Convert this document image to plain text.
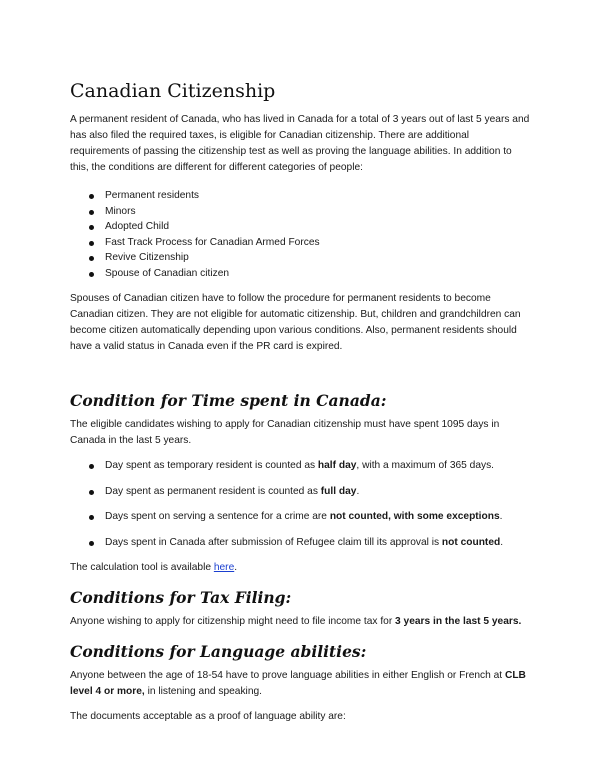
Canadian Citizenship

A permanent resident of Canada, who has lived in Canada for a total of 3 years out of last 5 years and has also filed the required taxes, is eligible for Canadian citizenship. There are additional requirements of passing the citizenship test as well as proving the language abilities. In addition to this, the conditions are different for different categories of people:

Permanent residents
Minors
Adopted Child
Fast Track Process for Canadian Armed Forces
Revive Citizenship
Spouse of Canadian citizen

Spouses of Canadian citizen have to follow the procedure for permanent residents to become Canadian citizen. They are not eligible for automatic citizenship. But, children and grandchildren can become citizen automatically depending upon various conditions. Also, permanent residents should have a valid status in Canada even if the PR card is expired.

Condition for Time spent in Canada:

The eligible candidates wishing to apply for Canadian citizenship must have spent 1095 days in Canada in the last 5 years.

Day spent as temporary resident is counted as half day, with a maximum of 365 days.
Day spent as permanent resident is counted as full day.
Days spent on serving a sentence for a crime are not counted, with some exceptions.
Days spent in Canada after submission of Refugee claim till its approval is not counted.

The calculation tool is available here.

Conditions for Tax Filing:

Anyone wishing to apply for citizenship might need to file income tax for 3 years in the last 5 years.

Conditions for Language abilities:

Anyone between the age of 18-54 have to prove language abilities in either English or French at CLB level 4 or more, in listening and speaking.

The documents acceptable as a proof of language ability are:
